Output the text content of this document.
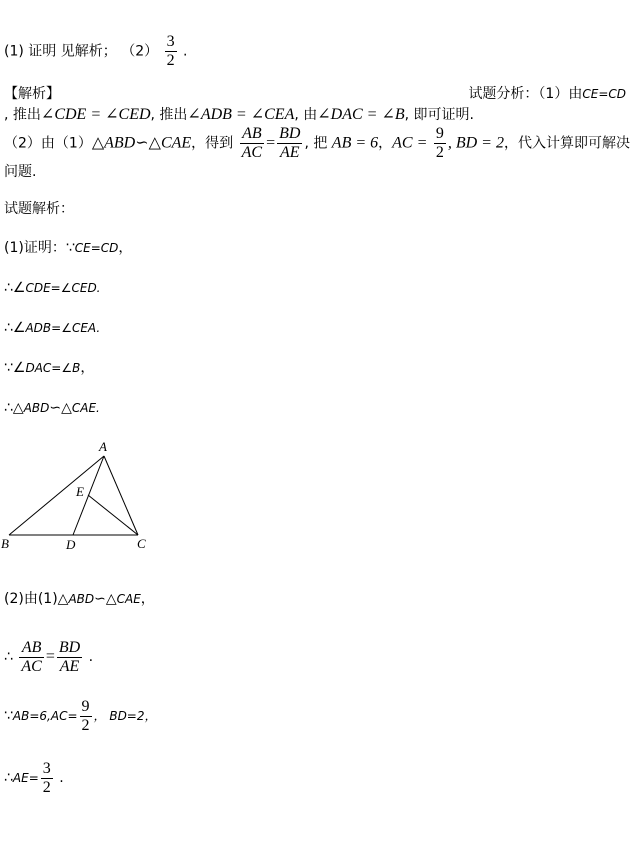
(1) 证明 见解析； $(2) \frac{3}{2}$ .
【解析】	试题分析：（1）由CE=CD
, 推出∠CDE = ∠CED, 推出∠ADB = ∠CEA, 由∠DAC = ∠B, 即可证明.
（2）由（1）△ABD∽△CAE，得到 $\frac{AB}{AC} = \frac{BD}{AE}$ , 把 AB = 6，AC = $\frac{9}{2}$ , BD = 2，代入计算即可解决
问题.
试题解析：
(1)证明：∵CE=CD，
∴∠CDE=∠CED.
∴∠ADB=∠CEA.
∵∠DAC=∠B，
∴△ABD∽△CAE.
A
E
B	D	C
(2)由(1)△ABD∽△CAE，
∴ $\frac{AB}{AC} = \frac{BD}{AE}$ .
∵AB=6,AC= $\frac{9}{2}$ ， BD=2，
∴AE= $\frac{3}{2}$ .
